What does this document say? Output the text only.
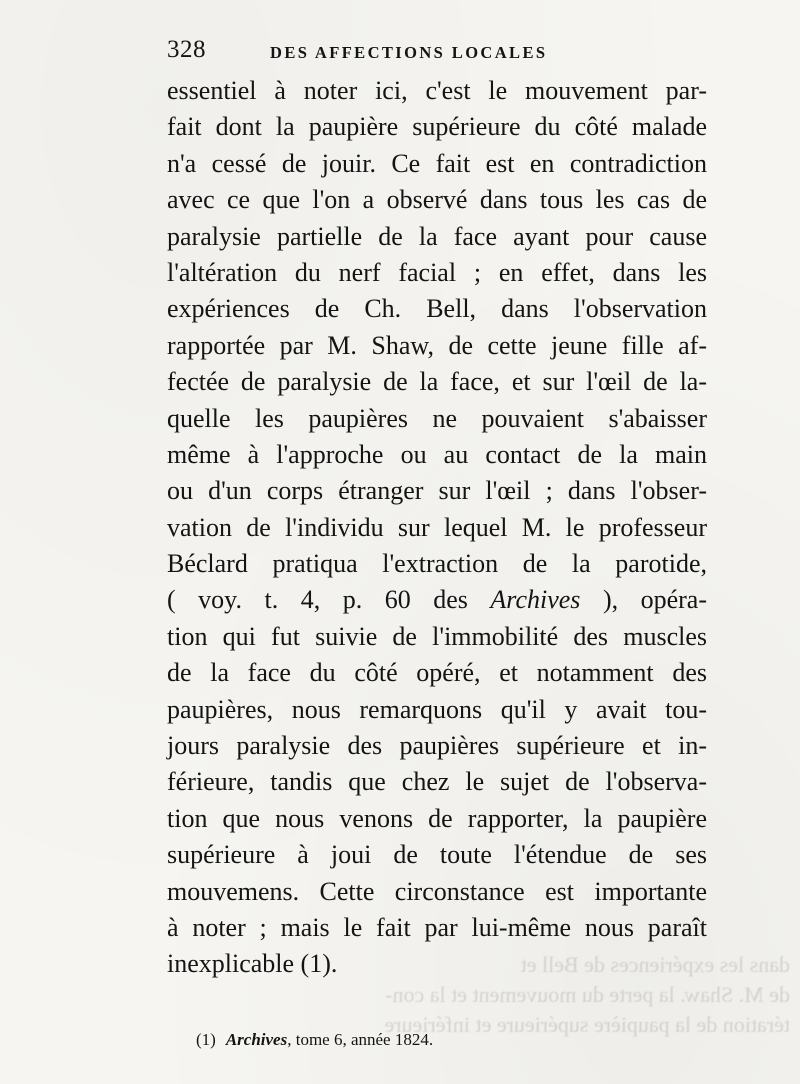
328	DES AFFECTIONS LOCALES
essentiel à noter ici, c'est le mouvement par-
fait dont la paupière supérieure du côté malade
n'a cessé de jouir. Ce fait est en contradiction
avec ce que l'on a observé dans tous les cas de
paralysie partielle de la face ayant pour cause
l'altération du nerf facial ; en effet, dans les
expériences de Ch. Bell, dans l'observation
rapportée par M. Shaw, de cette jeune fille af-
fectée de paralysie de la face, et sur l'œil de la-
quelle les paupières ne pouvaient s'abaisser
même à l'approche ou au contact de la main
ou d'un corps étranger sur l'œil ; dans l'obser-
vation de l'individu sur lequel M. le professeur
Béclard pratiqua l'extraction de la parotide,
( voy. t. 4, p. 60 des Archives ), opéra-
tion qui fut suivie de l'immobilité des muscles
de la face du côté opéré, et notamment des
paupières, nous remarquons qu'il y avait tou-
jours paralysie des paupières supérieure et in-
férieure, tandis que chez le sujet de l'observa-
tion que nous venons de rapporter, la paupière
supérieure à joui de toute l'étendue de ses
mouvemens. Cette circonstance est importante
à noter ; mais le fait par lui-même nous paraît
inexplicable (1).	dans les expériences de Bell et
de M. Shaw. la perte du mouvement et la con-
tération de la paupière supérieure et inférieure
(1) Archives, tome 6, année 1824.
